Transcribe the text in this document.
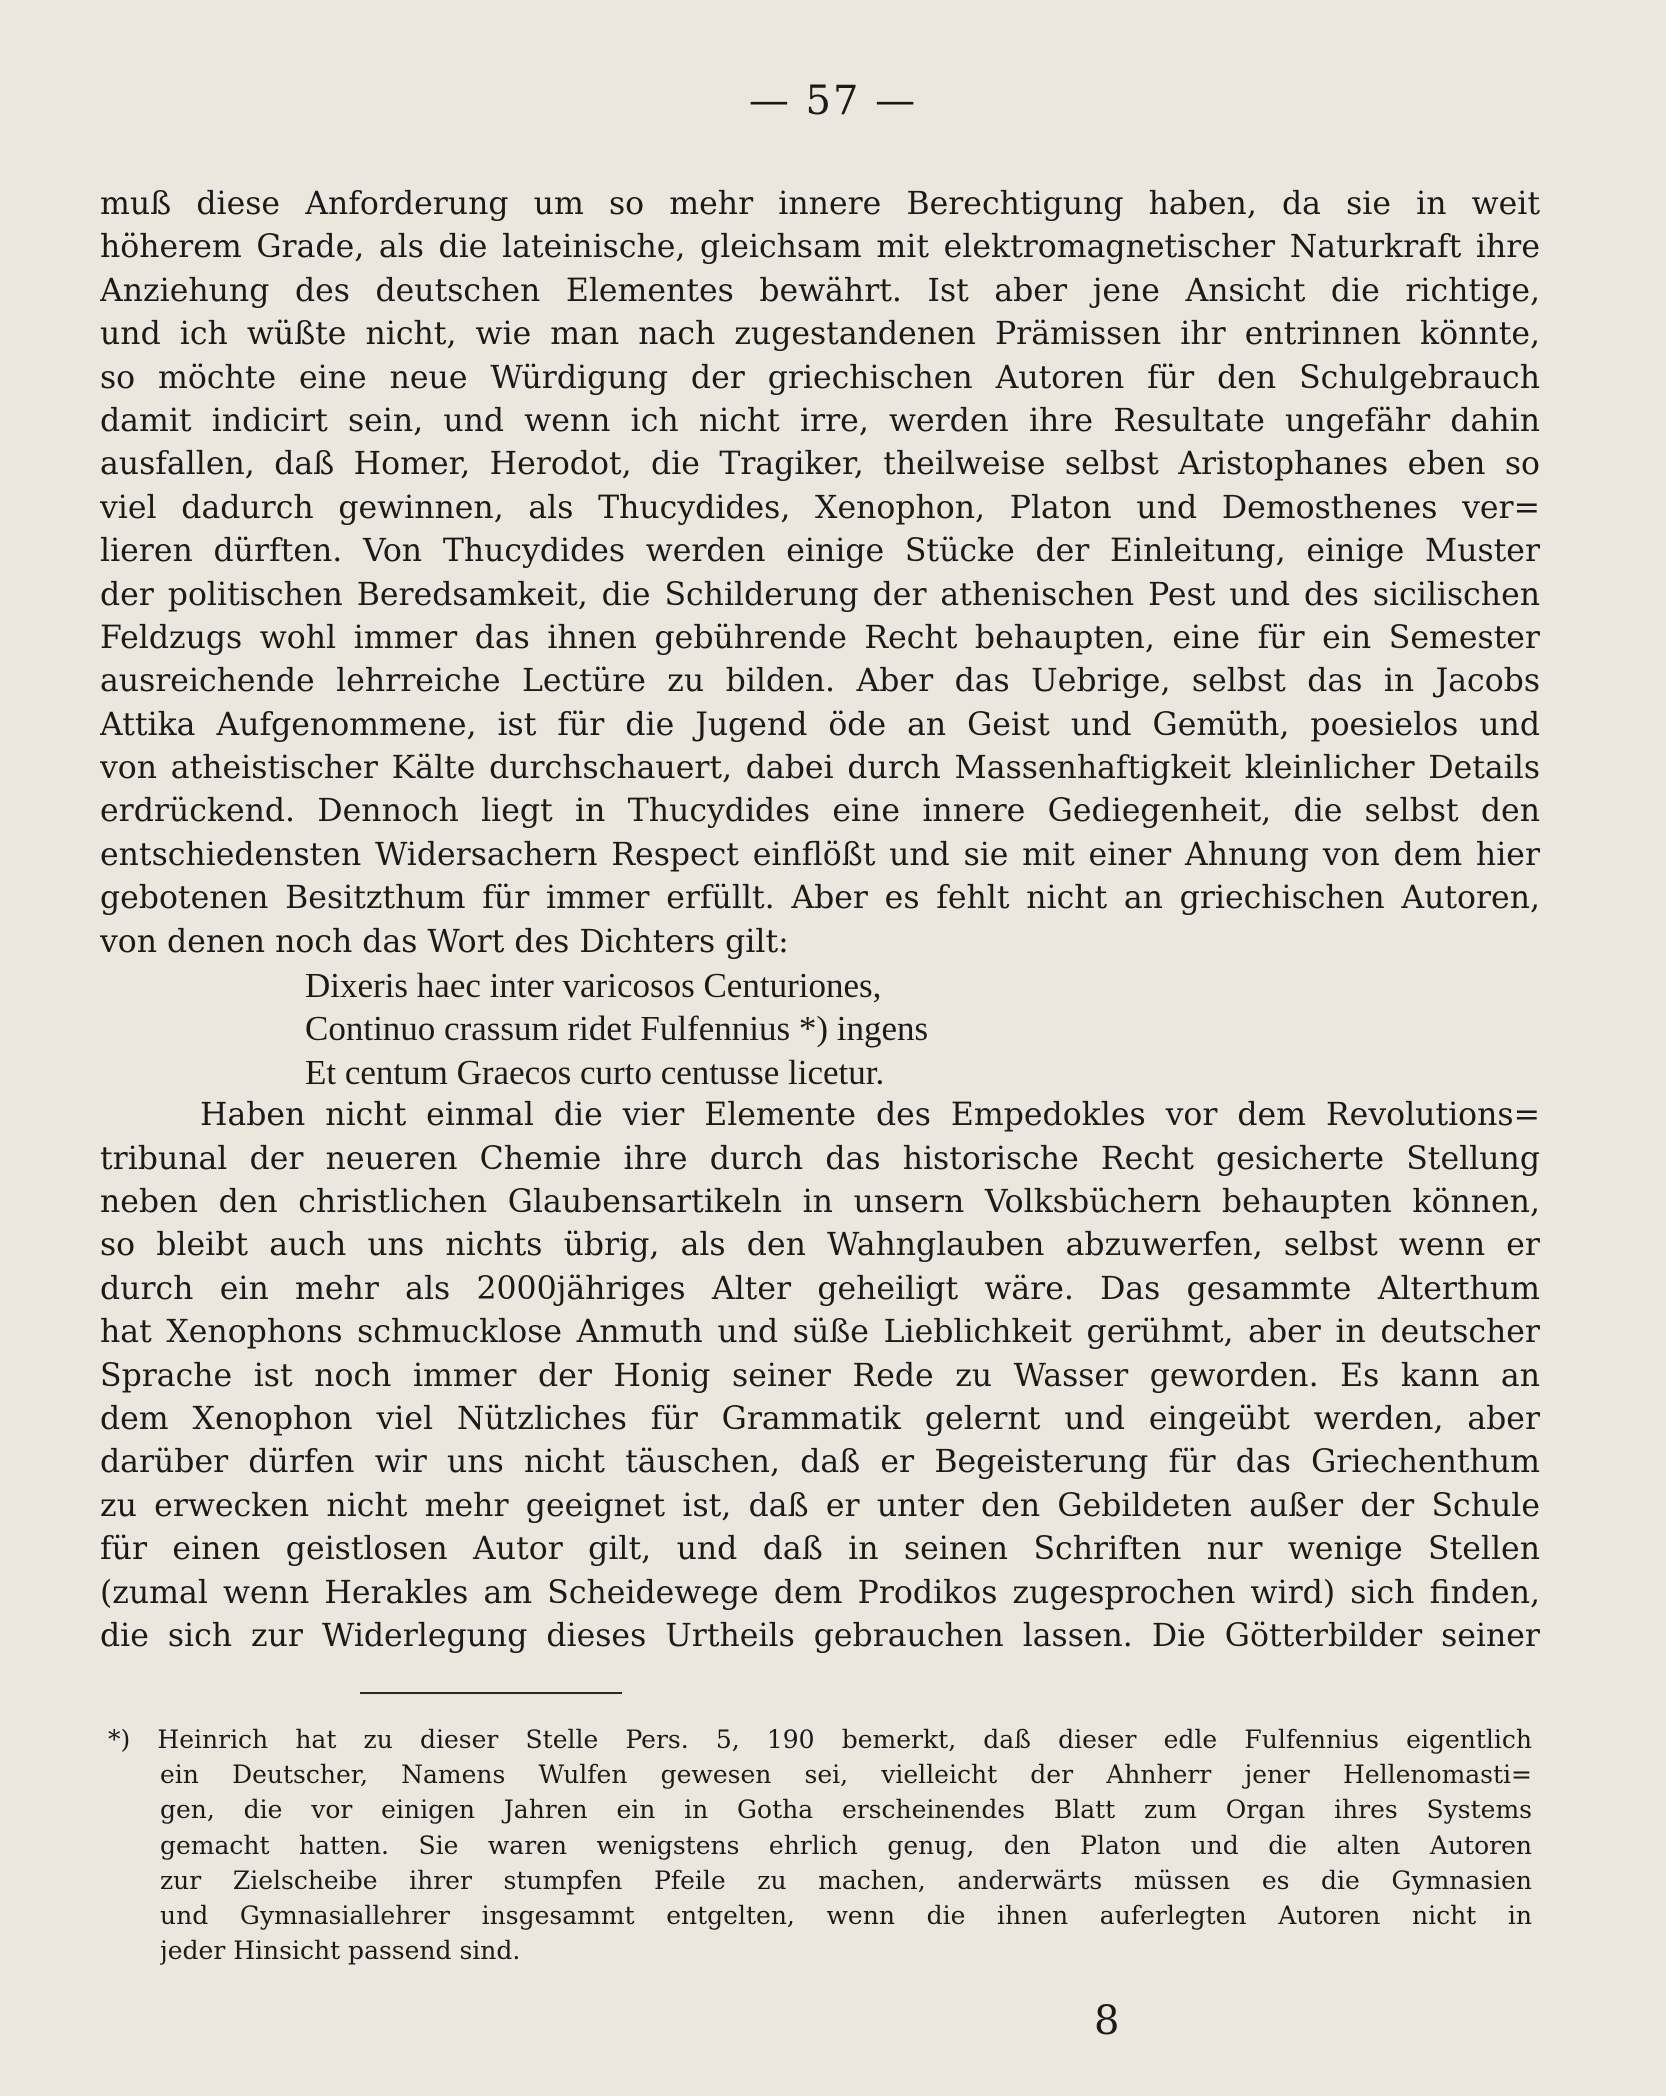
— 57 —
muß diese Anforderung um so mehr innere Berechtigung haben, da sie in weit
höherem Grade, als die lateinische, gleichsam mit elektromagnetischer Naturkraft ihre
Anziehung des deutschen Elementes bewährt. Ist aber jene Ansicht die richtige,
und ich wüßte nicht, wie man nach zugestandenen Prämissen ihr entrinnen könnte,
so möchte eine neue Würdigung der griechischen Autoren für den Schulgebrauch
damit indicirt sein, und wenn ich nicht irre, werden ihre Resultate ungefähr dahin
ausfallen, daß Homer, Herodot, die Tragiker, theilweise selbst Aristophanes eben so
viel dadurch gewinnen, als Thucydides, Xenophon, Platon und Demosthenes ver=
lieren dürften. Von Thucydides werden einige Stücke der Einleitung, einige Muster
der politischen Beredsamkeit, die Schilderung der athenischen Pest und des sicilischen
Feldzugs wohl immer das ihnen gebührende Recht behaupten, eine für ein Semester
ausreichende lehrreiche Lectüre zu bilden. Aber das Uebrige, selbst das in Jacobs
Attika Aufgenommene, ist für die Jugend öde an Geist und Gemüth, poesielos und
von atheistischer Kälte durchschauert, dabei durch Massenhaftigkeit kleinlicher Details
erdrückend. Dennoch liegt in Thucydides eine innere Gediegenheit, die selbst den
entschiedensten Widersachern Respect einflößt und sie mit einer Ahnung von dem hier
gebotenen Besitzthum für immer erfüllt. Aber es fehlt nicht an griechischen Autoren,
von denen noch das Wort des Dichters gilt:
Dixeris haec inter varicosos Centuriones,
Continuo crassum ridet Fulfennius *) ingens
Et centum Graecos curto centusse licetur.
Haben nicht einmal die vier Elemente des Empedokles vor dem Revolutions=
tribunal der neueren Chemie ihre durch das historische Recht gesicherte Stellung
neben den christlichen Glaubensartikeln in unsern Volksbüchern behaupten können,
so bleibt auch uns nichts übrig, als den Wahnglauben abzuwerfen, selbst wenn er
durch ein mehr als 2000jähriges Alter geheiligt wäre. Das gesammte Alterthum
hat Xenophons schmucklose Anmuth und süße Lieblichkeit gerühmt, aber in deutscher
Sprache ist noch immer der Honig seiner Rede zu Wasser geworden. Es kann an
dem Xenophon viel Nützliches für Grammatik gelernt und eingeübt werden, aber
darüber dürfen wir uns nicht täuschen, daß er Begeisterung für das Griechenthum
zu erwecken nicht mehr geeignet ist, daß er unter den Gebildeten außer der Schule
für einen geistlosen Autor gilt, und daß in seinen Schriften nur wenige Stellen
(zumal wenn Herakles am Scheidewege dem Prodikos zugesprochen wird) sich finden,
die sich zur Widerlegung dieses Urtheils gebrauchen lassen. Die Götterbilder seiner
*) Heinrich hat zu dieser Stelle Pers. 5, 190 bemerkt, daß dieser edle Fulfennius eigentlich
ein Deutscher, Namens Wulfen gewesen sei, vielleicht der Ahnherr jener Hellenomasti=
gen, die vor einigen Jahren ein in Gotha erscheinendes Blatt zum Organ ihres Systems
gemacht hatten. Sie waren wenigstens ehrlich genug, den Platon und die alten Autoren
zur Zielscheibe ihrer stumpfen Pfeile zu machen, anderwärts müssen es die Gymnasien
und Gymnasiallehrer insgesammt entgelten, wenn die ihnen auferlegten Autoren nicht in
jeder Hinsicht passend sind.
8
